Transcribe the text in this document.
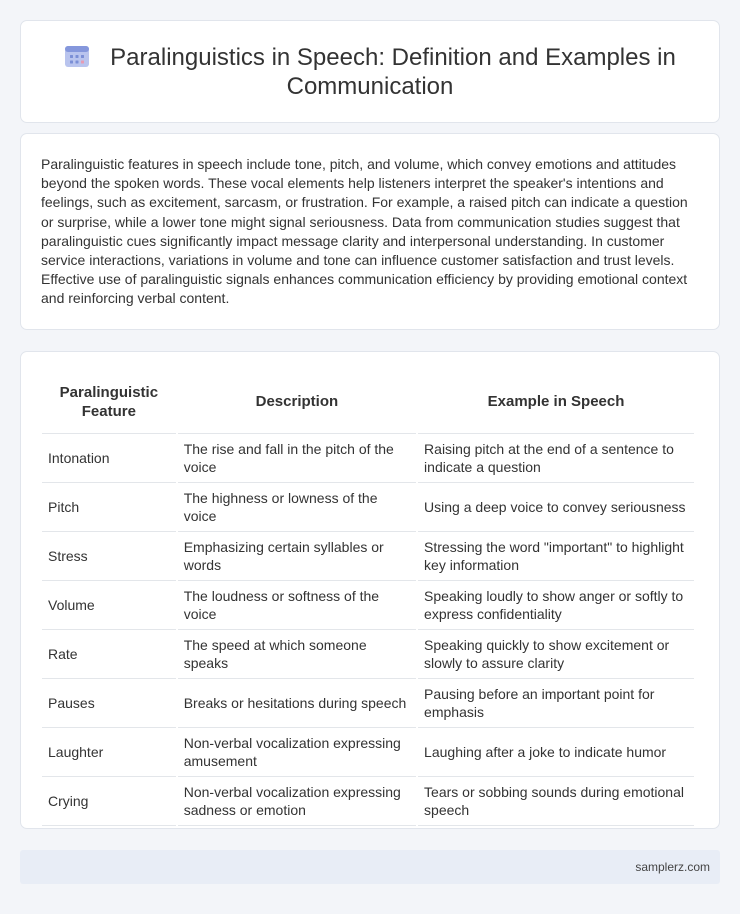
Paralinguistics in Speech: Definition and Examples in Communication

Paralinguistic features in speech include tone, pitch, and volume, which convey emotions and attitudes beyond the spoken words. These vocal elements help listeners interpret the speaker's intentions and feelings, such as excitement, sarcasm, or frustration. For example, a raised pitch can indicate a question or surprise, while a lower tone might signal seriousness. Data from communication studies suggest that paralinguistic cues significantly impact message clarity and interpersonal understanding. In customer service interactions, variations in volume and tone can influence customer satisfaction and trust levels. Effective use of paralinguistic signals enhances communication efficiency by providing emotional context and reinforcing verbal content.

Paralinguistic Feature	Description	Example in Speech
Intonation	The rise and fall in the pitch of the voice	Raising pitch at the end of a sentence to indicate a question
Pitch	The highness or lowness of the voice	Using a deep voice to convey seriousness
Stress	Emphasizing certain syllables or words	Stressing the word "important" to highlight key information
Volume	The loudness or softness of the voice	Speaking loudly to show anger or softly to express confidentiality
Rate	The speed at which someone speaks	Speaking quickly to show excitement or slowly to assure clarity
Pauses	Breaks or hesitations during speech	Pausing before an important point for emphasis
Laughter	Non-verbal vocalization expressing amusement	Laughing after a joke to indicate humor
Crying	Non-verbal vocalization expressing sadness or emotion	Tears or sobbing sounds during emotional speech
samplerz.com
